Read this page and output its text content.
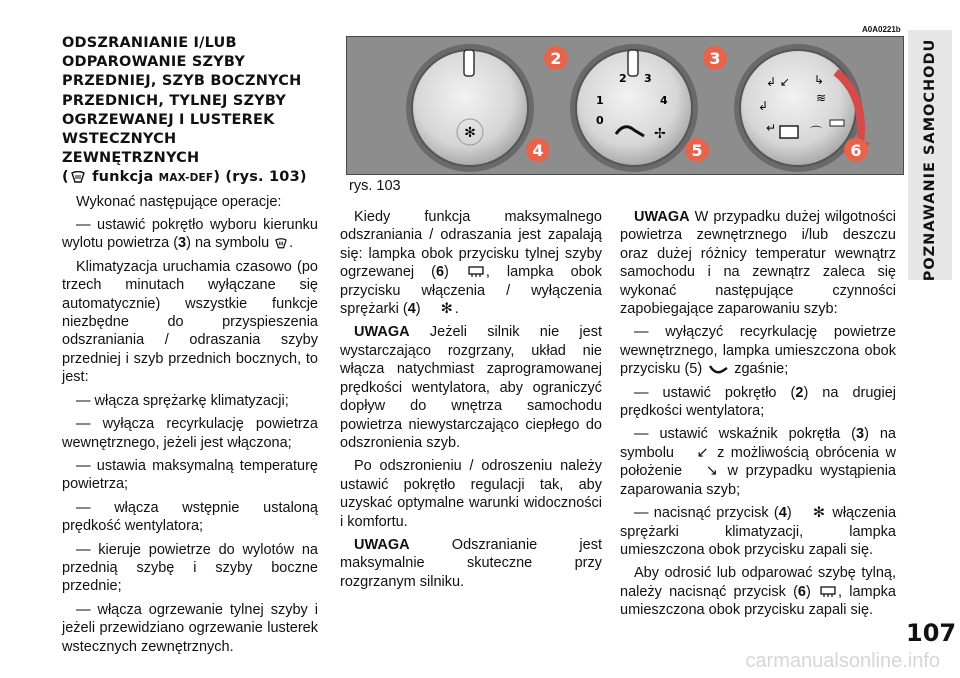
POZNAWANIE SAMOCHODU
107
A0A0221b
✻
2 3
1	4
0
✢
↲ ↙ ↳
↲
≋
↵	⌒
2	3
4	5	6
rys. 103
ODSZRANIANIE I/LUB ODPAROWANIE SZYBY PRZEDNIEJ, SZYB BOCZNYCH PRZEDNICH, TYLNEJ SZYBY OGRZEWANEJ I LUSTEREK WSTECZNYCH ZEWNĘTRZNYCH
( funkcja MAX-DEF) (rys. 103)

Wykonać następujące operacje:

— ustawić pokrętło wyboru kierunku wylotu powietrza (3) na symbolu .

Klimatyzacja uruchamia czasowo (po trzech minutach wyłączane się automatycznie) wszystkie funkcje niezbędne do przyspieszenia odszraniania / odraszania szyby przedniej i szyb przednich bocznych, to jest:

— włącza sprężarkę klimatyzacji;

— wyłącza recyrkulację powietrza wewnętrznego, jeżeli jest włączona;

— ustawia maksymalną temperaturę powietrza;

— włącza wstępnie ustaloną prędkość wentylatora;

— kieruje powietrze do wylotów na przednią szybę i szyby boczne przednie;

— włącza ogrzewanie tylnej szyby i jeżeli przewidziano ogrzewanie lusterek wstecznych zewnętrznych.

Kiedy funkcja maksymalnego odszraniania / odraszania jest zapalają się: lampka obok przycisku tylnej szyby ogrzewanej (6) , lampka obok przycisku włączenia / wyłączenia sprężarki (4) ✻ .

UWAGA Jeżeli silnik nie jest wystarczająco rozgrzany, układ nie włącza natychmiast zaprogramowanej prędkości wentylatora, aby ograniczyć dopływ do wnętrza samochodu powietrza niewystarczająco ciepłego do odszronienia szyb.

Po odszronieniu / odroszeniu należy ustawić pokrętło regulacji tak, aby uzyskać optymalne warunki widoczności i komfortu.

UWAGA Odszranianie jest maksymalnie skuteczne przy rozgrzanym silniku.

UWAGA W przypadku dużej wilgotności powietrza zewnętrznego i/lub deszczu oraz dużej różnicy temperatur wewnątrz samochodu i na zewnątrz zaleca się wykonać następujące czynności zapobiegające zaparowaniu szyb:

— wyłączyć recyrkulację powietrze wewnętrznego, lampka umieszczona obok przycisku (5)  zgaśnie;

— ustawić pokrętło (2) na drugiej prędkości wentylatora;

— ustawić wskaźnik pokrętła (3) na symbolu ↙ z możliwością obrócenia w położenie ↘ w przypadku wystąpienia zaparowania szyb;

— nacisnąć przycisk (4) ✻ włączenia sprężarki klimatyzacji, lampka umieszczona obok przycisku zapali się.

Aby odrosić lub odparować szybę tylną, należy nacisnąć przycisk (6) , lampka umieszczona obok przycisku zapali się.

carmanualsonline.info
